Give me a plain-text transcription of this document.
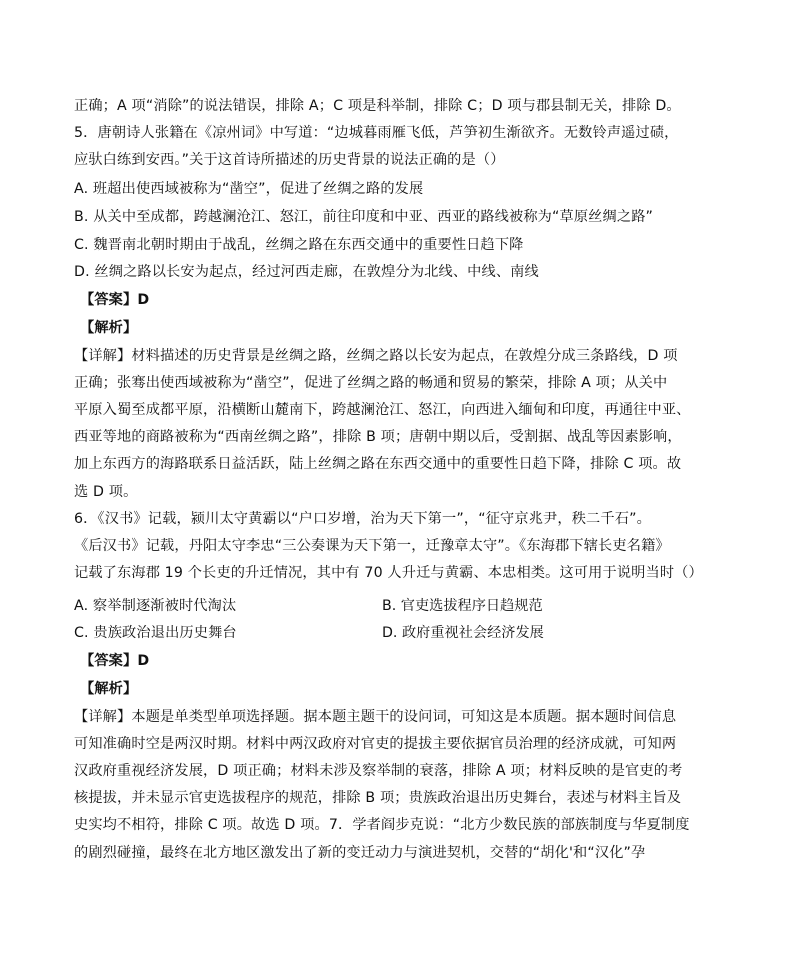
正确；A 项“消除”的说法错误，排除 A；C 项是科举制，排除 C；D 项与郡县制无关，排除 D。
5．唐朝诗人张籍在《凉州词》中写道：“边城暮雨雁飞低，芦笋初生渐欲齐。无数铃声遥过碛，
应驮白练到安西。”关于这首诗所描述的历史背景的说法正确的是（）
A. 班超出使西域被称为“凿空”，促进了丝绸之路的发展
B. 从关中至成都，跨越澜沧江、怒江，前往印度和中亚、西亚的路线被称为“草原丝绸之路”
C. 魏晋南北朝时期由于战乱，丝绸之路在东西交通中的重要性日趋下降
D. 丝绸之路以长安为起点，经过河西走廊，在敦煌分为北线、中线、南线
【答案】D
【解析】
【详解】材料描述的历史背景是丝绸之路，丝绸之路以长安为起点，在敦煌分成三条路线，D 项
正确；张骞出使西域被称为“凿空”，促进了丝绸之路的畅通和贸易的繁荣，排除 A 项；从关中
平原入蜀至成都平原，沿横断山麓南下，跨越澜沧江、怒江，向西进入缅甸和印度，再通往中亚、
西亚等地的商路被称为“西南丝绸之路”，排除 B 项；唐朝中期以后，受割据、战乱等因素影响，
加上东西方的海路联系日益活跃，陆上丝绸之路在东西交通中的重要性日趋下降，排除 C 项。故
选 D 项。
6．《汉书》记载，颍川太守黄霸以“户口岁增，治为天下第一”，“征守京兆尹，秩二千石”。
《后汉书》记载，丹阳太守李忠“三公奏课为天下第一，迁豫章太守”。《东海郡下辖长吏名籍》
记载了东海郡 19 个长吏的升迁情况，其中有 70 人升迁与黄霸、本忠相类。这可用于说明当时（）
A. 察举制逐渐被时代淘汰	B. 官吏选拔程序日趋规范
C. 贵族政治退出历史舞台	D. 政府重视社会经济发展
【答案】D
【解析】
【详解】本题是单类型单项选择题。据本题主题干的设问词，可知这是本质题。据本题时间信息
可知准确时空是两汉时期。材料中两汉政府对官吏的提拔主要依据官员治理的经济成就，可知两
汉政府重视经济发展，D 项正确；材料未涉及察举制的衰落，排除 A 项；材料反映的是官吏的考
核提拔，并未显示官吏选拔程序的规范，排除 B 项；贵族政治退出历史舞台，表述与材料主旨及
史实均不相符，排除 C 项。故选 D 项。7．学者阎步克说：“北方少数民族的部族制度与华夏制度
的剧烈碰撞，最终在北方地区激发出了新的变迁动力与演进契机，交替的“胡化'和“汉化”孕
